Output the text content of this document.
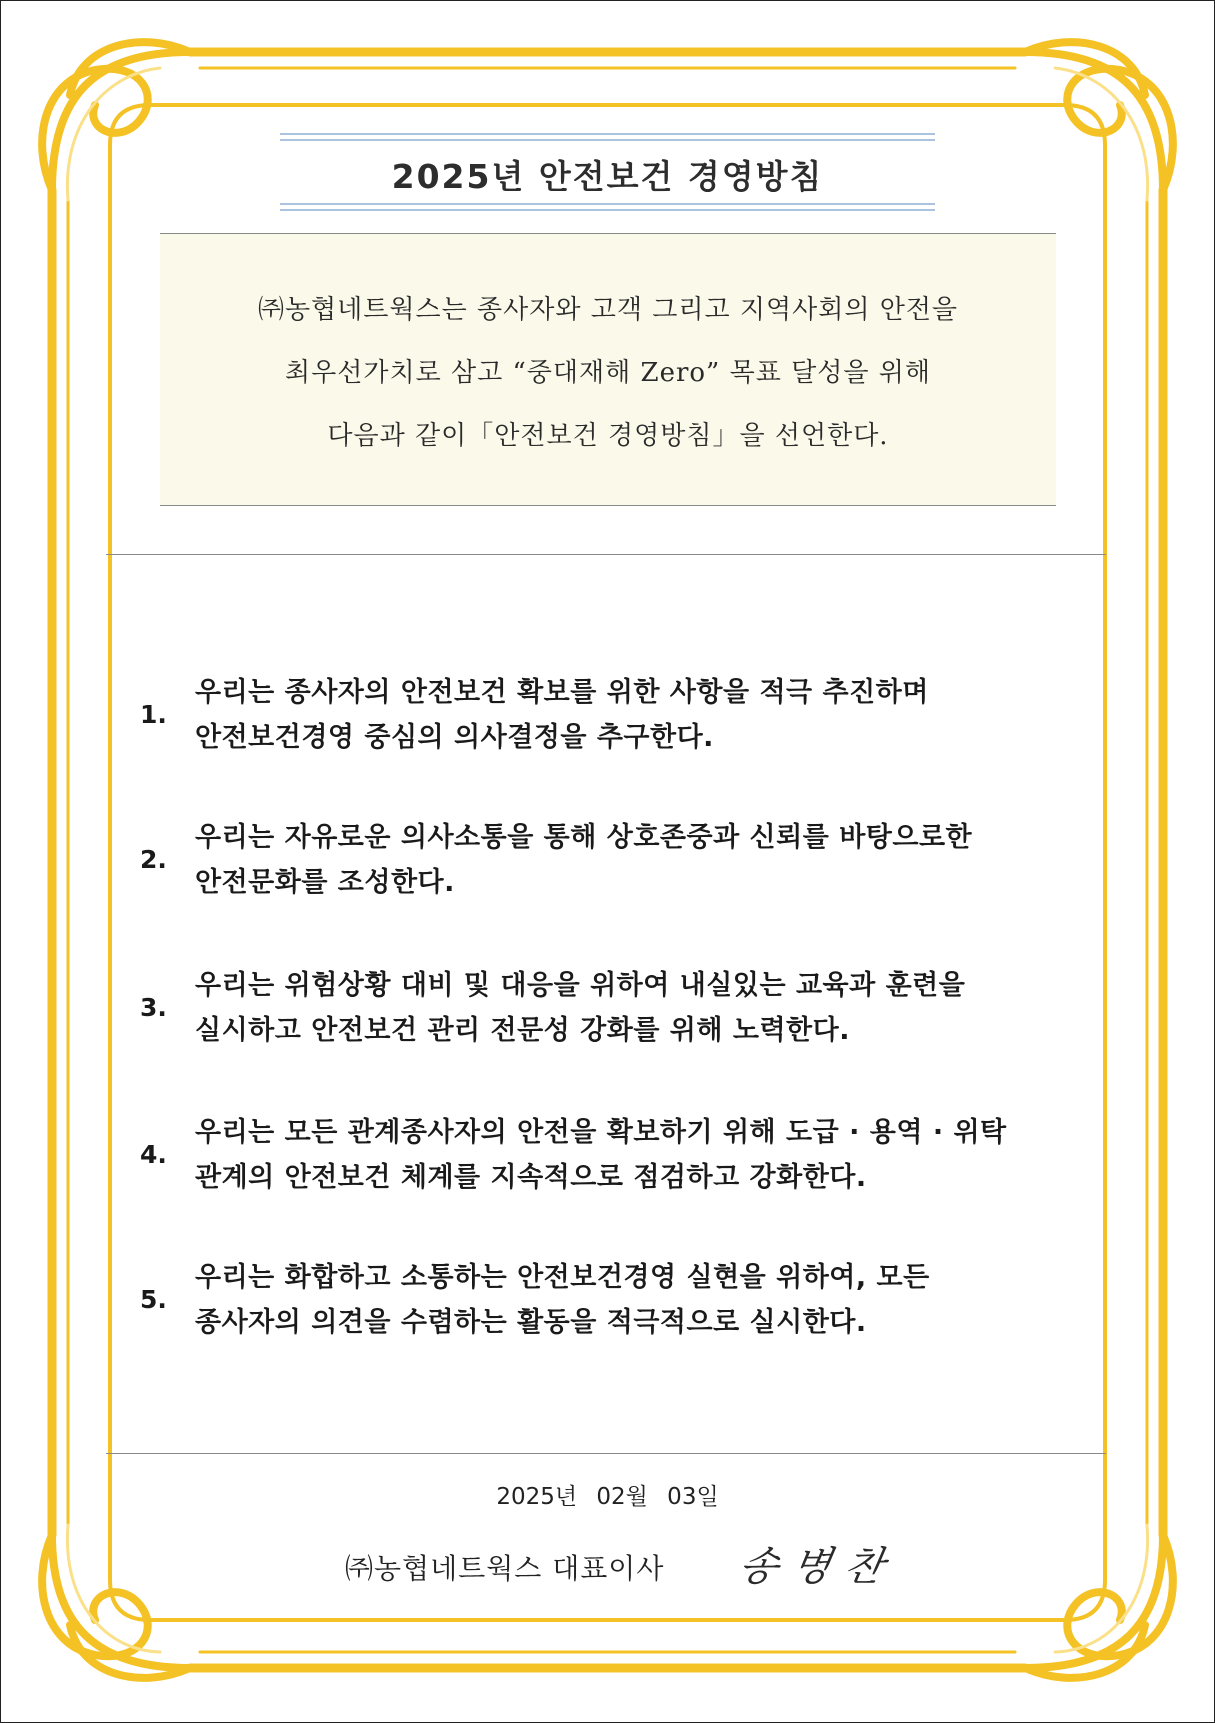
2025년 안전보건 경영방침
㈜농협네트웍스는 종사자와 고객 그리고 지역사회의 안전을
최우선가치로 삼고 “중대재해 Zero” 목표 달성을 위해
다음과 같이「안전보건 경영방침」을 선언한다.
1.
우리는 종사자의 안전보건 확보를 위한 사항을 적극 추진하며
안전보건경영 중심의 의사결정을 추구한다.
2.
우리는 자유로운 의사소통을 통해 상호존중과 신뢰를 바탕으로한
안전문화를 조성한다.
3.
우리는 위험상황 대비 및 대응을 위하여 내실있는 교육과 훈련을
실시하고 안전보건 관리 전문성 강화를 위해 노력한다.
4.
우리는 모든 관계종사자의 안전을 확보하기 위해 도급 · 용역 · 위탁
관계의 안전보건 체계를 지속적으로 점검하고 강화한다.
5.
우리는 화합하고 소통하는 안전보건경영 실현을 위하여, 모든
종사자의 의견을 수렴하는 활동을 적극적으로 실시한다.
2025년 02월 03일
㈜농협네트웍스 대표이사 송병찬
